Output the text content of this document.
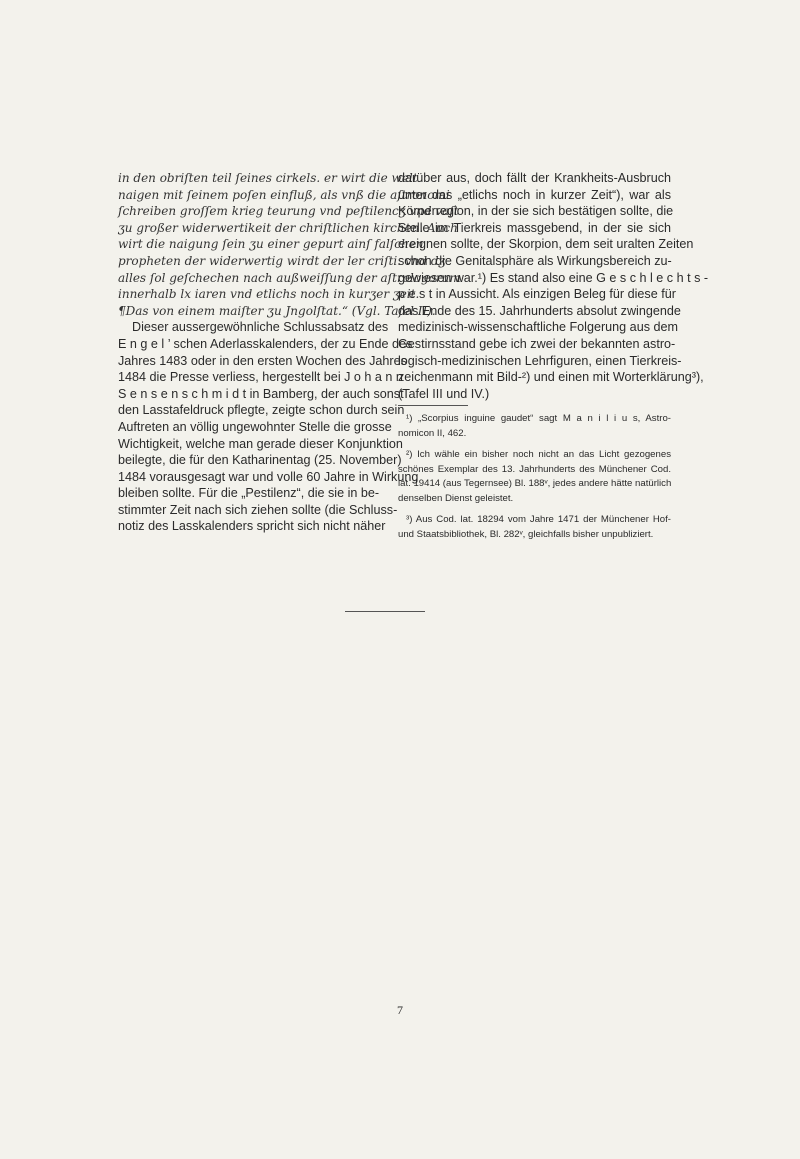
in den obriſten teil ſeines cirkels. er wirt die welt
naigen mit ſeinem poſen einfluß, als vnß die aſtronomi
ſchreiben groſſem krieg teurung vnd peſtilencʒ vnd vaſt
ʒu großer widerwertikeit der chriſtlichen kirchen. Auch
wirt die naigung ſein ʒu einer gepurt ainſ falſchen
propheten der widerwertig wirdt der ler criſti. vnd dʒ
alles ſol geſchechen nach außweiſſung der aſtrologorum
innerhalb lx iaren vnd etlichs noch in kurʒer ʒeit.
¶Das von einem maiſter ʒu Jngolſtat.“ (Vgl. Tafel II).
Dieser aussergewöhnliche Schlussabsatz des
E n g e l ’ schen Aderlasskalenders, der zu Ende des
Jahres 1483 oder in den ersten Wochen des Jahres
1484 die Presse verliess, hergestellt bei J o h a n n
S e n s e n s c h m i d t in Bamberg, der auch sonst
den Lasstafeldruck pflegte, zeigte schon durch sein
Auftreten an völlig ungewohnter Stelle die grosse
Wichtigkeit, welche man gerade dieser Konjunktion
beilegte, die für den Katharinentag (25. November)
1484 vorausgesagt war und volle 60 Jahre in Wirkung
bleiben sollte. Für die „Pestilenz“, die sie in be-
stimmter Zeit nach sich ziehen sollte (die Schluss-
notiz des Lasskalenders spricht sich nicht näher
darüber aus, doch fällt der Krankheits-Ausbruch
unter das „etlichs noch in kurzer Zeit“), war als
Körperregion, in der sie sich bestätigen sollte, die
Stelle im Tierkreis massgebend, in der sie sich
ereignen sollte, der Skorpion, dem seit uralten Zeiten
schon die Genitalsphäre als Wirkungsbereich zu-
gewiesen war.¹) Es stand also eine G e s c h l e c h t s -
p e s t in Aussicht. Als einzigen Beleg für diese für
das Ende des 15. Jahrhunderts absolut zwingende
medizinisch-wissenschaftliche Folgerung aus dem
Gestirnsstand gebe ich zwei der bekannten astro-
logisch-medizinischen Lehrfiguren, einen Tierkreis-
zeichenmann mit Bild-²) und einen mit Worterklärung³),
(Tafel III und IV.)
¹) „Scorpius inguine gaudet“ sagt M a n i l i u s, Astro-
nomicon II, 462.
²) Ich wähle ein bisher noch nicht an das Licht gezogenes
schönes Exemplar des 13. Jahrhunderts des Münchener Cod.
lat. 19414 (aus Tegernsee) Bl. 188ᵛ, jedes andere hätte natürlich
denselben Dienst geleistet.
³) Aus Cod. lat. 18294 vom Jahre 1471 der Münchener Hof-
und Staatsbibliothek, Bl. 282ᵛ, gleichfalls bisher unpubliziert.
7
